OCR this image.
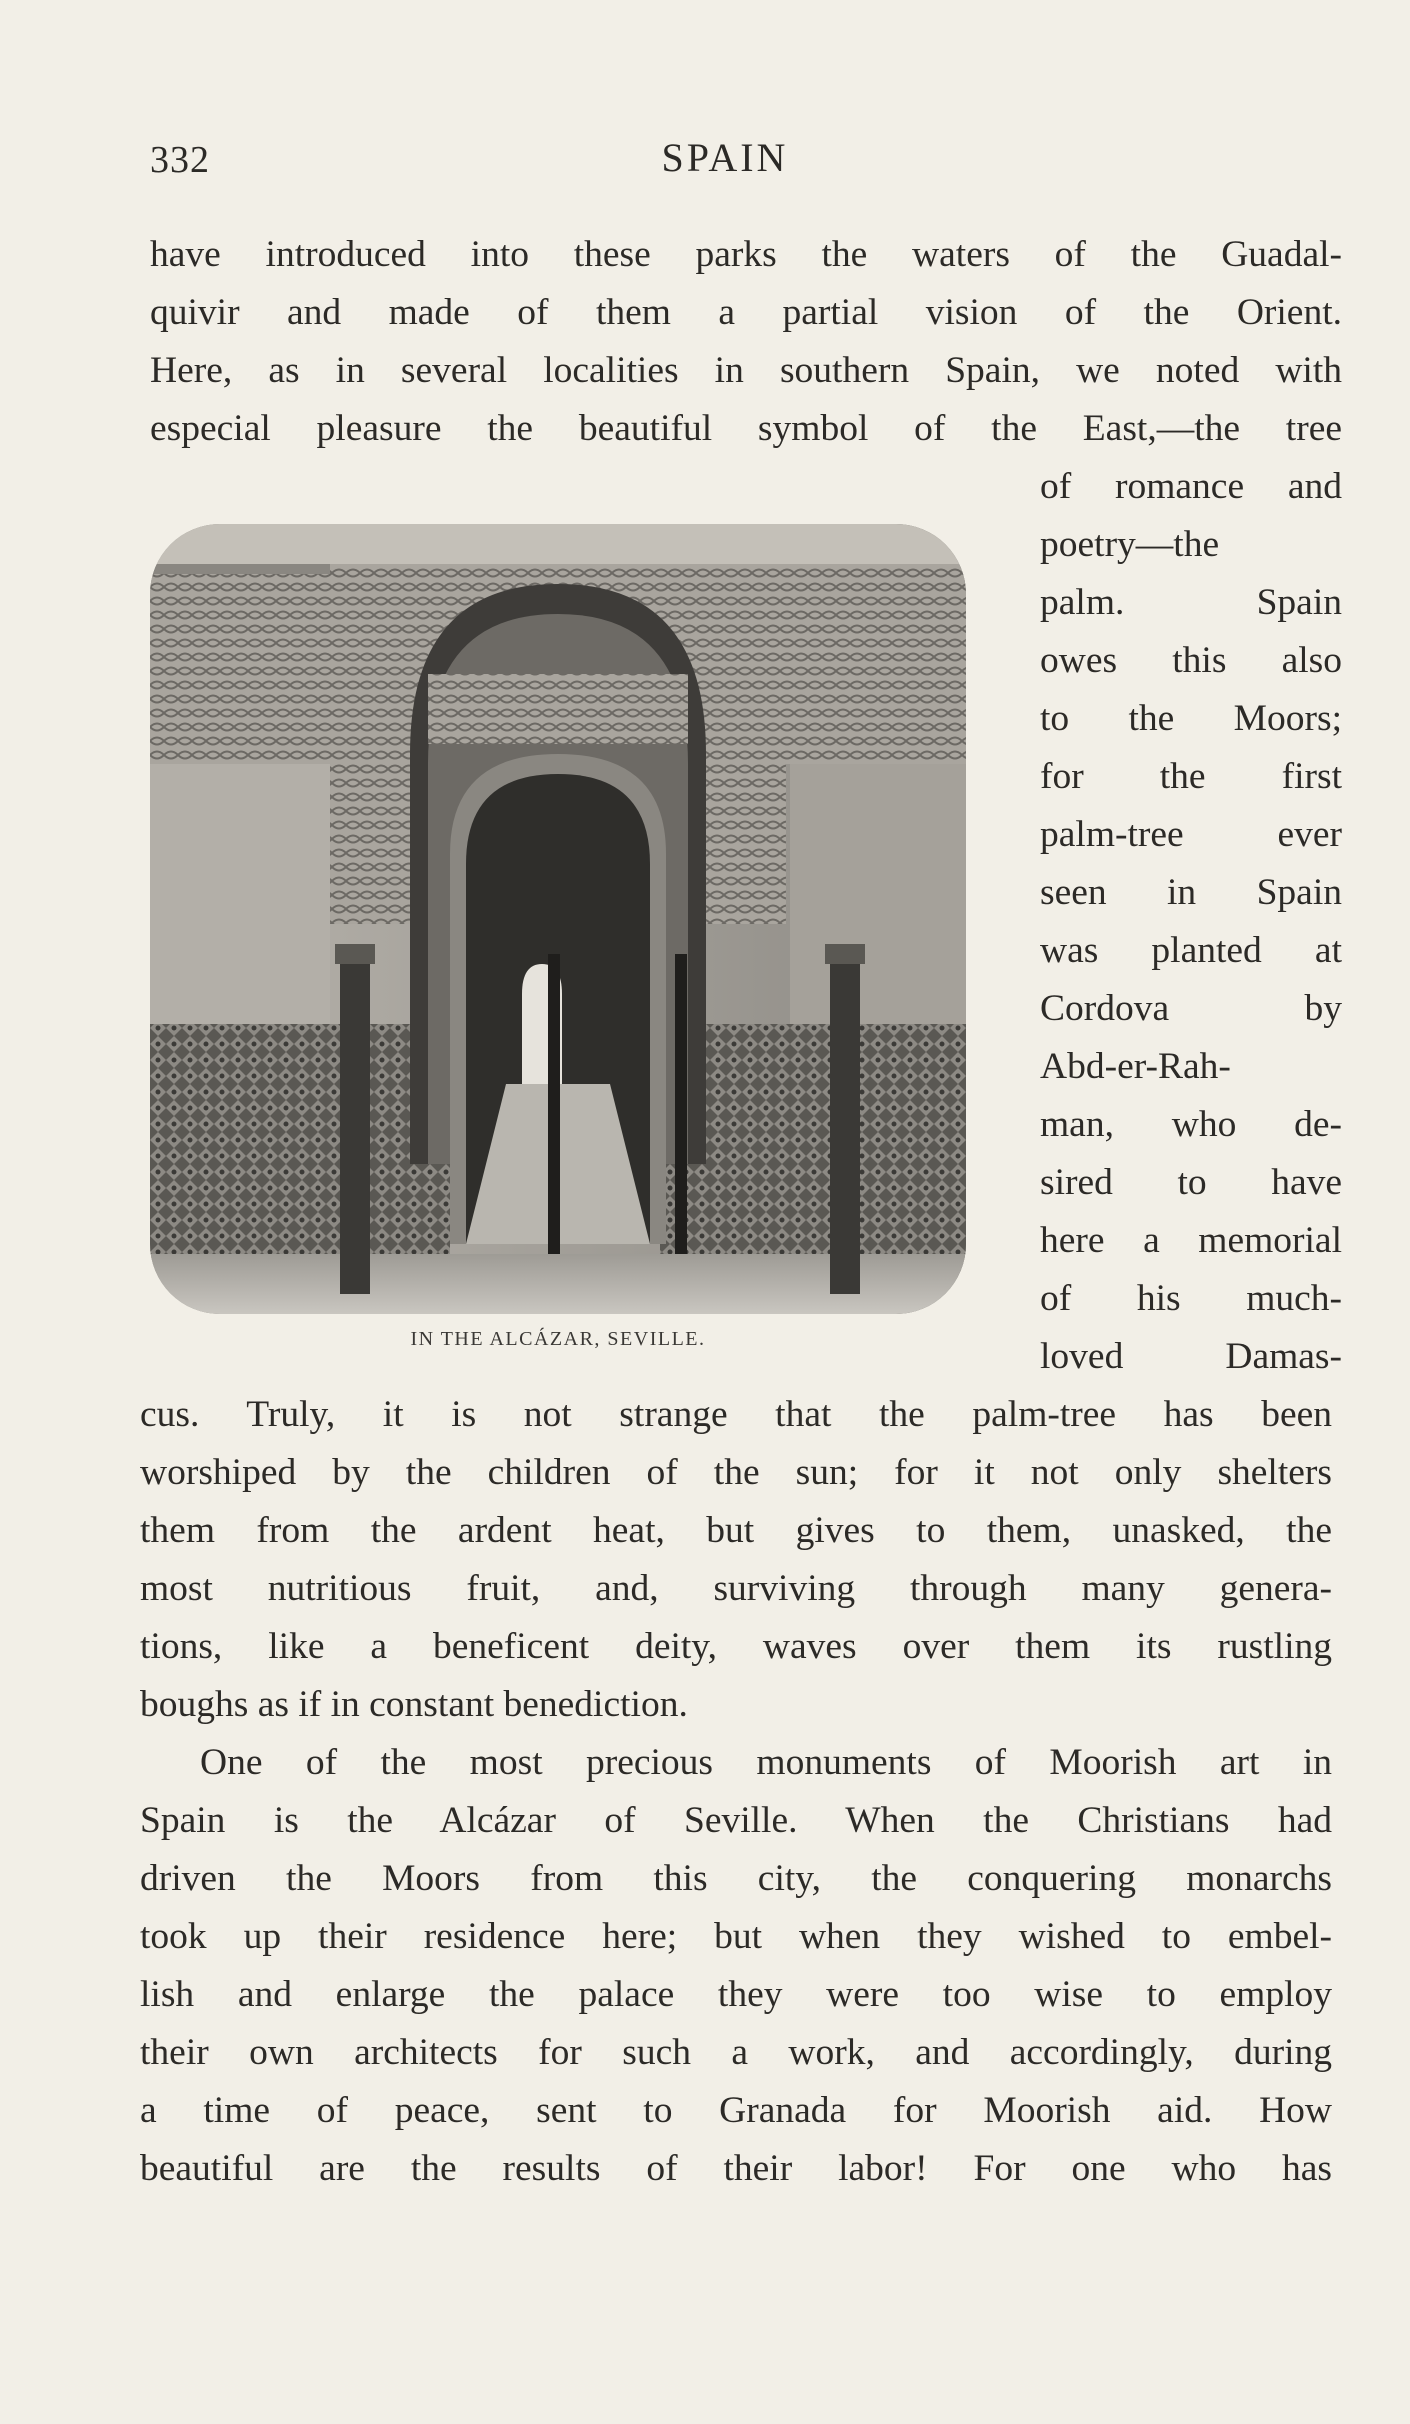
332	SPAIN
have introduced into these parks the waters of the Guadal-
quivir and made of them a partial vision of the Orient.
Here, as in several localities in southern Spain, we noted with
especial pleasure the beautiful symbol of the East,—the tree
of romance and
poetry—the
palm. Spain
owes this also
to the Moors;
for the first
palm-tree ever
seen in Spain
was planted at
Cordova by
Abd-er-Rah-
man, who de-
sired to have
here a memorial
of his much-
loved Damas-
IN THE ALCÁZAR, SEVILLE.
cus. Truly, it is not strange that the palm-tree has been
worshiped by the children of the sun; for it not only shelters
them from the ardent heat, but gives to them, unasked, the
most nutritious fruit, and, surviving through many genera-
tions, like a beneficent deity, waves over them its rustling
boughs as if in constant benediction.
One of the most precious monuments of Moorish art in
Spain is the Alcázar of Seville. When the Christians had
driven the Moors from this city, the conquering monarchs
took up their residence here; but when they wished to embel-
lish and enlarge the palace they were too wise to employ
their own architects for such a work, and accordingly, during
a time of peace, sent to Granada for Moorish aid. How
beautiful are the results of their labor! For one who has
